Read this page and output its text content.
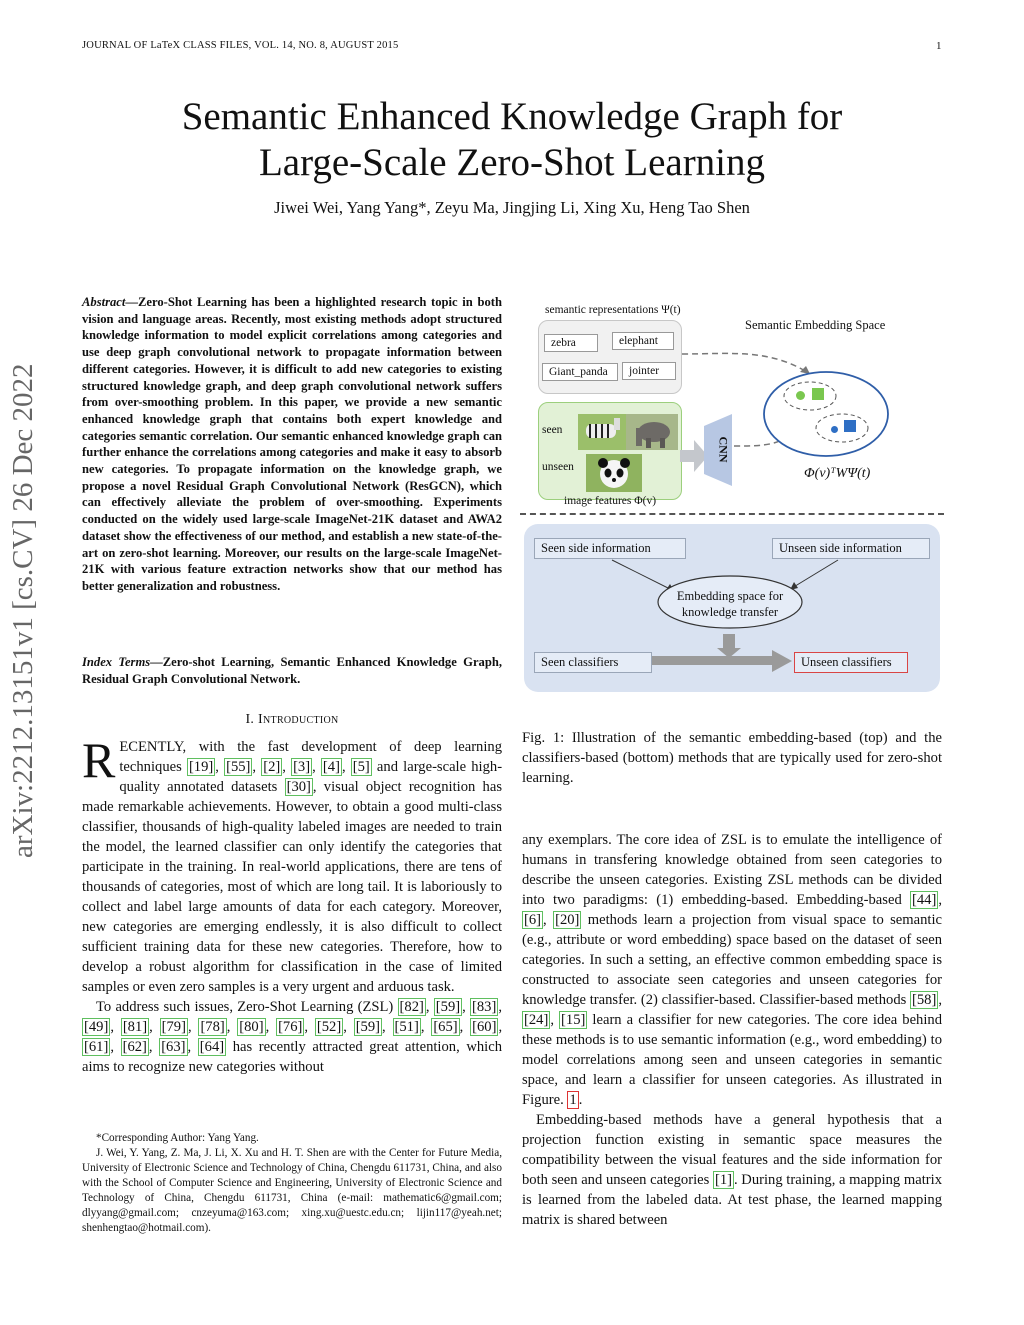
JOURNAL OF LaTeX CLASS FILES, VOL. 14, NO. 8, AUGUST 2015	1
Semantic Enhanced Knowledge Graph for
Large-Scale Zero-Shot Learning
Jiwei Wei, Yang Yang*, Zeyu Ma, Jingjing Li, Xing Xu, Heng Tao Shen
arXiv:2212.13151v1 [cs.CV] 26 Dec 2022
Abstract—Zero-Shot Learning has been a highlighted research topic in both vision and language areas. Recently, most existing methods adopt structured knowledge information to model explicit correlations among categories and use deep graph convolutional network to propagate information between different categories. However, it is difficult to add new categories to existing structured knowledge graph, and deep graph convolutional network suffers from over-smoothing problem. In this paper, we provide a new semantic enhanced knowledge graph that contains both expert knowledge and categories semantic correlation. Our semantic enhanced knowledge graph can further enhance the correlations among categories and make it easy to absorb new categories. To propagate information on the knowledge graph, we propose a novel Residual Graph Convolutional Network (ResGCN), which can effectively alleviate the problem of over-smoothing. Experiments conducted on the widely used large-scale ImageNet-21K dataset and AWA2 dataset show the effectiveness of our method, and establish a new state-of-the-art on zero-shot learning. Moreover, our results on the large-scale ImageNet-21K with various feature extraction networks show that our method has better generalization and robustness.
Index Terms—Zero-shot Learning, Semantic Enhanced Knowledge Graph, Residual Graph Convolutional Network.
I. Introduction

RECENTLY, with the fast development of deep learning techniques [19] , [55] , [2] , [3] , [4] , [5] and large-scale high-quality annotated datasets [30] , visual object recognition has made remarkable achievements. However, to obtain a good multi-class classifier, thousands of high-quality labeled images are needed to train the model, the learned classifier can only identify the categories that participate in the training. In real-world applications, there are tens of thousands of categories, most of which are long tail. It is laboriously to collect and label large amounts of data for each category. Moreover, new categories are emerging endlessly, it is also difficult to collect sufficient training data for these new categories. Therefore, how to develop a robust algorithm for classification in the case of limited samples or even zero samples is a very urgent and arduous task.

To address such issues, Zero-Shot Learning (ZSL) [82] , [59] , [83] , [49] , [81] , [79] , [78] , [80] , [76] , [52] , [59] , [51] , [65] , [60] , [61] , [62] , [63] , [64] has recently attracted great attention, which aims to recognize new categories without

*Corresponding Author: Yang Yang.

J. Wei, Y. Yang, Z. Ma, J. Li, X. Xu and H. T. Shen are with the Center for Future Media, University of Electronic Science and Technology of China, Chengdu 611731, China, and also with the School of Computer Science and Engineering, University of Electronic Science and Technology of China, Chengdu 611731, China (e-mail: mathematic6@gmail.com; dlyyang@gmail.com; cnzeyuma@163.com; xing.xu@uestc.edu.cn; lijin117@yeah.net; shenhengtao@hotmail.com).

semantic representations Ψ(t)
Semantic Embedding Space
zebra	elephant
Giant_panda	jointer
seen
unseen
image features Φ(v)
CNN
Φ(v)ᵀWΨ(t)
Seen side information	Unseen side information
Embedding space for
knowledge transfer
Seen classifiers	Unseen classifiers
Fig. 1: Illustration of the semantic embedding-based (top) and the classifiers-based (bottom) methods that are typically used for zero-shot learning.

any exemplars. The core idea of ZSL is to emulate the intelligence of humans in transfering knowledge obtained from seen categories to describe the unseen categories. Existing ZSL methods can be divided into two paradigms: (1) embedding-based. Embedding-based [44] , [6] , [20] methods learn a projection from visual space to semantic (e.g., attribute or word embedding) space based on the dataset of seen categories. In such a setting, an effective common embedding space is constructed to associate seen categories and unseen categories for knowledge transfer. (2) classifier-based. Classifier-based methods [58] , [24] , [15] learn a classifier for new categories. The core idea behind these methods is to use semantic information (e.g., word embedding) to model correlations among seen and unseen categories in semantic space, and learn a classifier for unseen categories. As illustrated in Figure. 1 .

Embedding-based methods have a general hypothesis that a projection function existing in semantic space measures the compatibility between the visual features and the side information for both seen and unseen categories [1] . During training, a mapping matrix is learned from the labeled data. At test phase, the learned mapping matrix is shared between
